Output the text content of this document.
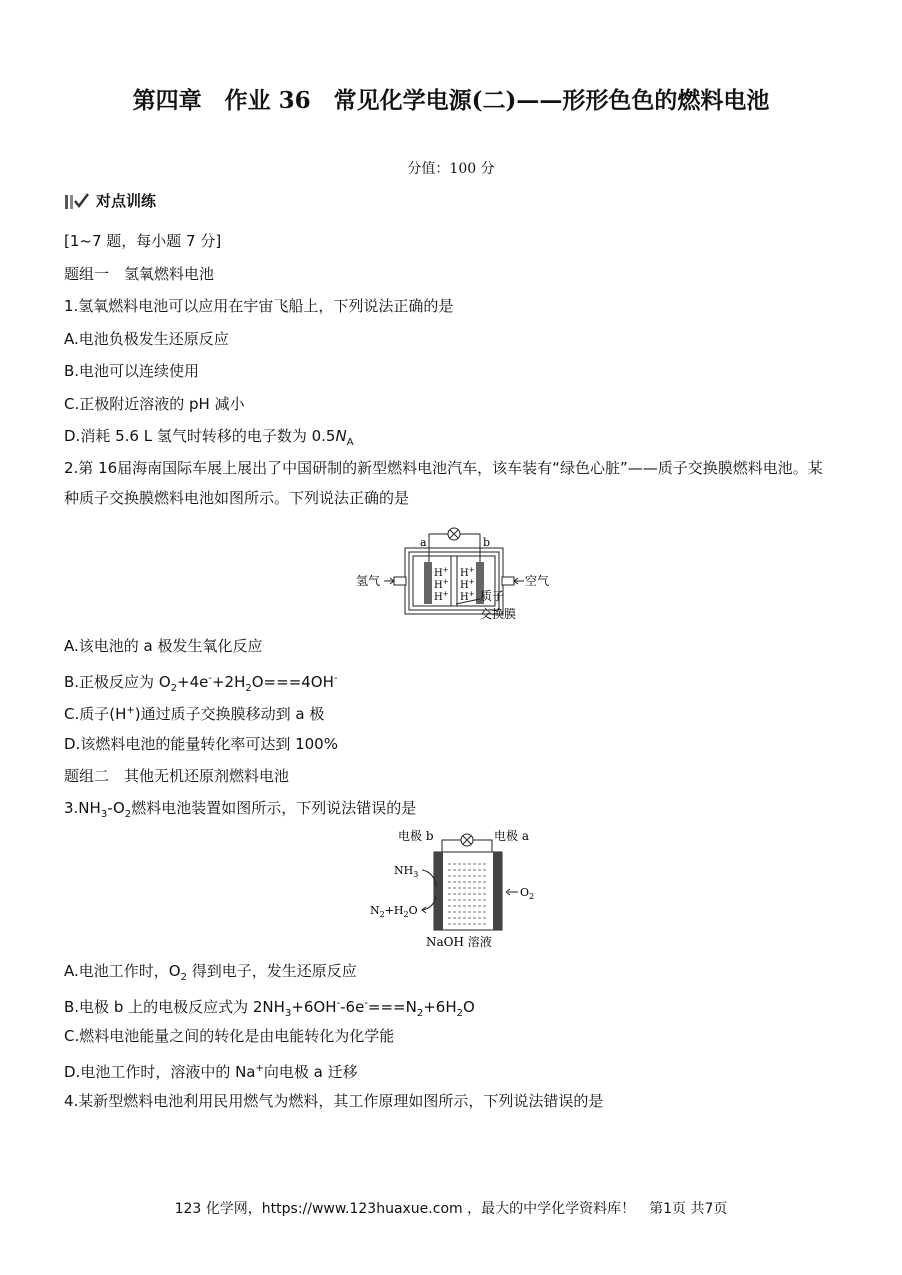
第四章　作业 36　常见化学电源(二)——形形色色的燃料电池
分值：100 分
对点训练
[1~7 题，每小题 7 分]
题组一　氢氧燃料电池
1.氢氧燃料电池可以应用在宇宙飞船上，下列说法正确的是
A.电池负极发生还原反应
B.电池可以连续使用
C.正极附近溶液的 pH 减小
D.消耗 5.6 L 氢气时转移的电子数为 $0.5N_A$
2.第 16届海南国际车展上展出了中国研制的新型燃料电池汽车，该车装有“绿色心脏”——质子交换膜燃料电池。某种质子交换膜燃料电池如图所示。下列说法正确的是
a	b
H+
H+
H+
H+
H+
H+
氢气	空气
质子
交换膜
A.该电池的 a 极发生氧化反应
B.正极反应为 $O_2+4e^-+2H_2O===4OH^-$
C.质子(H+)通过质子交换膜移动到 a 极
D.该燃料电池的能量转化率可达到 100%
题组二　其他无机还原剂燃料电池
$3.NH_3-O_2$燃料电池装置如图所示，下列说法错误的是
电极 b	电极 a
$NH_3$
$N_2+H_2O$
$O_2$
NaOH 溶液
A.电池工作时，$O_2$ 得到电子，发生还原反应
B.电极 b 上的电极反应式为 $2NH_3+6OH^--6e^-===N_2+6H_2O$
C.燃料电池能量之间的转化是由电能转化为化学能
D.电池工作时，溶液中的 Na+向电极 a 迁移
4.某新型燃料电池利用民用燃气为燃料，其工作原理如图所示，下列说法错误的是
123 化学网，https://www.123huaxue.com ，最大的中学化学资料库！　第1页 共7页
